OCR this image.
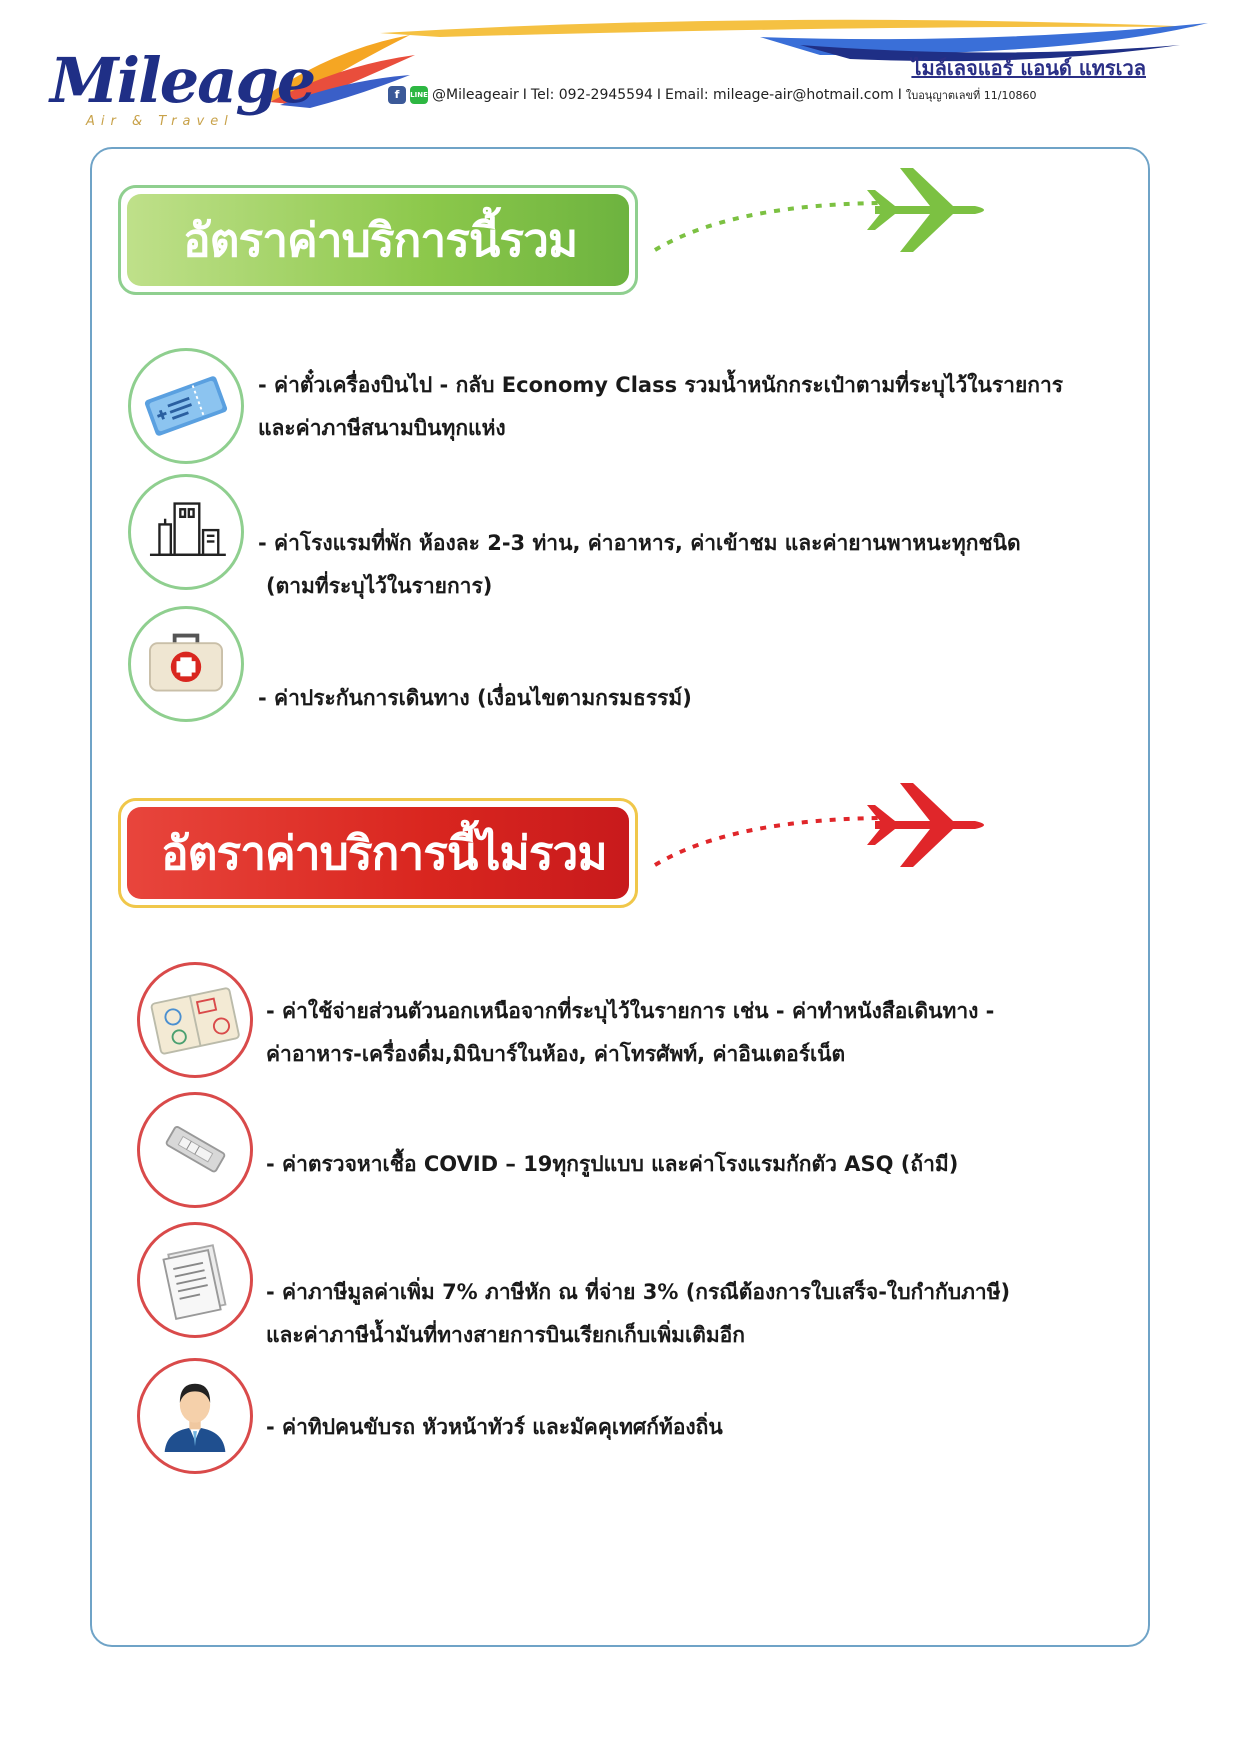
Mileage
Air & Travel
ไมล์เลจแอร์ แอนด์ แทรเวล
f	LINE @Mileageair I Tel: 092-2945594 I Email: mileage-air@hotmail.com I ใบอนุญาตเลขที่ 11/10860
อัตราค่าบริการนี้รวม
- ค่าตั๋วเครื่องบินไป - กลับ Economy Class รวมน้ำหนักกระเป๋าตามที่ระบุไว้ในรายการ
และค่าภาษีสนามบินทุกแห่ง
- ค่าโรงแรมที่พัก ห้องละ 2-3 ท่าน, ค่าอาหาร, ค่าเข้าชม และค่ายานพาหนะทุกชนิด
(ตามที่ระบุไว้ในรายการ)
- ค่าประกันการเดินทาง (เงื่อนไขตามกรมธรรม์)
อัตราค่าบริการนี้ไม่รวม
- ค่าใช้จ่ายส่วนตัวนอกเหนือจากที่ระบุไว้ในรายการ เช่น - ค่าทำหนังสือเดินทาง -
ค่าอาหาร-เครื่องดื่ม,มินิบาร์ในห้อง, ค่าโทรศัพท์, ค่าอินเตอร์เน็ต
- ค่าตรวจหาเชื้อ COVID – 19ทุกรูปแบบ และค่าโรงแรมกักตัว ASQ (ถ้ามี)
- ค่าภาษีมูลค่าเพิ่ม 7% ภาษีหัก ณ ที่จ่าย 3% (กรณีต้องการใบเสร็จ-ใบกำกับภาษี)
และค่าภาษีน้ำมันที่ทางสายการบินเรียกเก็บเพิ่มเติมอีก
- ค่าทิปคนขับรถ หัวหน้าทัวร์ และมัคคุเทศก์ท้องถิ่น
